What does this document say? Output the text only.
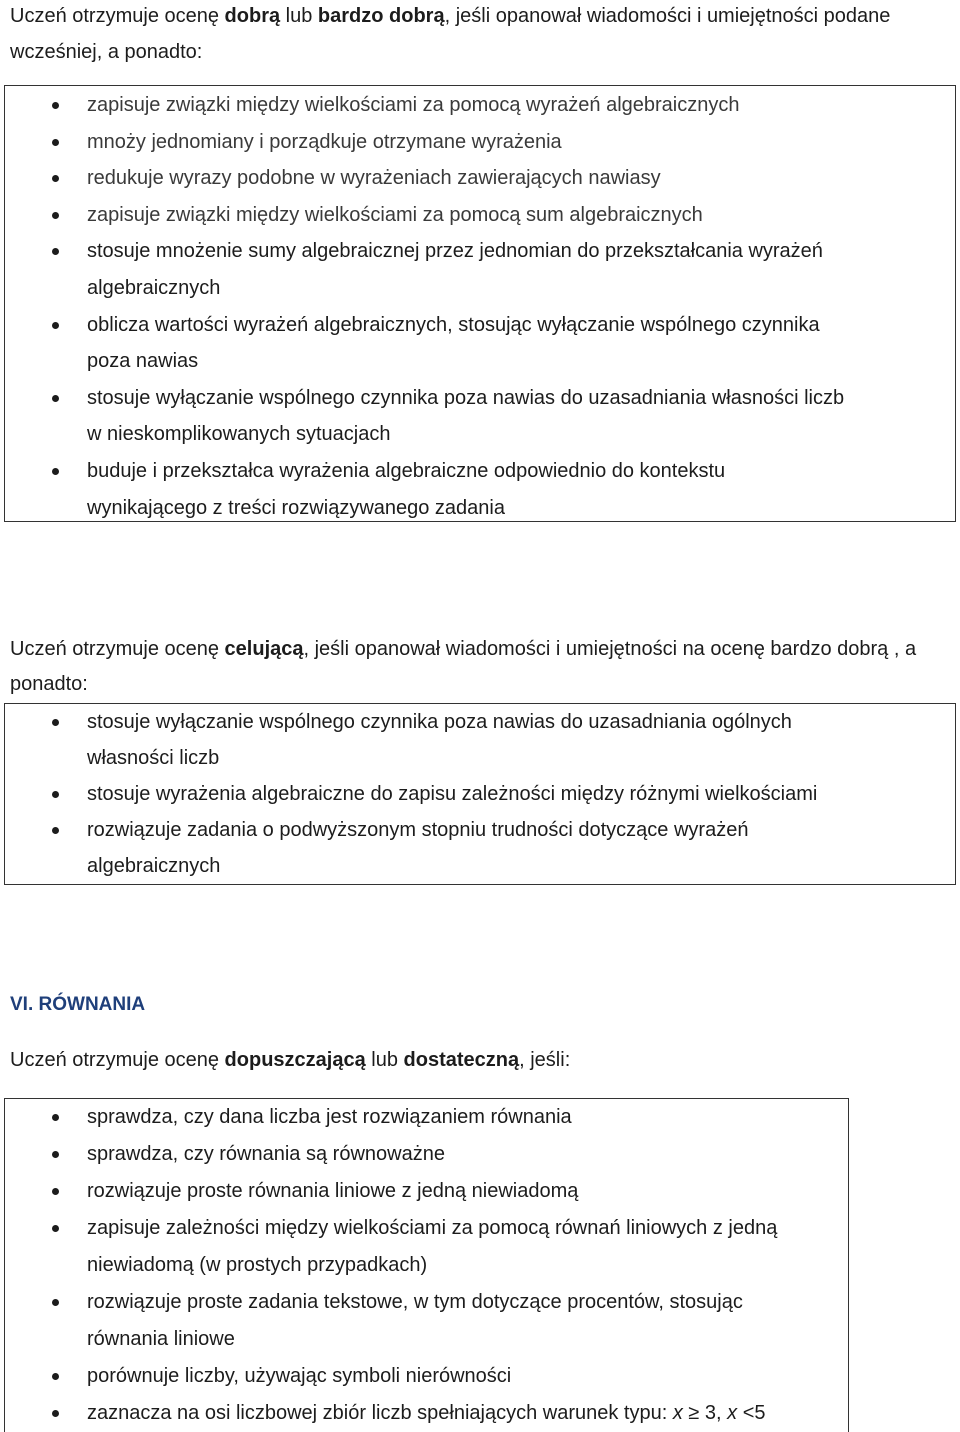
Uczeń otrzymuje ocenę dobrą lub bardzo dobrą, jeśli opanował wiadomości i umiejętności podane wcześniej, a ponadto:

zapisuje związki między wielkościami za pomocą wyrażeń algebraicznych
mnoży jednomiany i porządkuje otrzymane wyrażenia
redukuje wyrazy podobne w wyrażeniach zawierających nawiasy
zapisuje związki między wielkościami za pomocą sum algebraicznych
stosuje mnożenie sumy algebraicznej przez jednomian do przekształcania wyrażeń
algebraicznych
oblicza wartości wyrażeń algebraicznych, stosując wyłączanie wspólnego czynnika
poza nawias
stosuje wyłączanie wspólnego czynnika poza nawias do uzasadniania własności liczb
w nieskomplikowanych sytuacjach
buduje i przekształca wyrażenia algebraiczne odpowiednio do kontekstu
wynikającego z treści rozwiązywanego zadania

Uczeń otrzymuje ocenę celującą, jeśli opanował wiadomości i umiejętności na ocenę bardzo dobrą , a ponadto:

stosuje wyłączanie wspólnego czynnika poza nawias do uzasadniania ogólnych
własności liczb
stosuje wyrażenia algebraiczne do zapisu zależności między różnymi wielkościami
rozwiązuje zadania o podwyższonym stopniu trudności dotyczące wyrażeń
algebraicznych
VI. RÓWNANIA

Uczeń otrzymuje ocenę dopuszczającą lub dostateczną, jeśli:

sprawdza, czy dana liczba jest rozwiązaniem równania
sprawdza, czy równania są równoważne
rozwiązuje proste równania liniowe z jedną niewiadomą
zapisuje zależności między wielkościami za pomocą równań liniowych z jedną
niewiadomą (w prostych przypadkach)
rozwiązuje proste zadania tekstowe, w tym dotyczące procentów, stosując
równania liniowe
porównuje liczby, używając symboli nierówności
zaznacza na osi liczbowej zbiór liczb spełniających warunek typu: x ≥ 3, x <5
